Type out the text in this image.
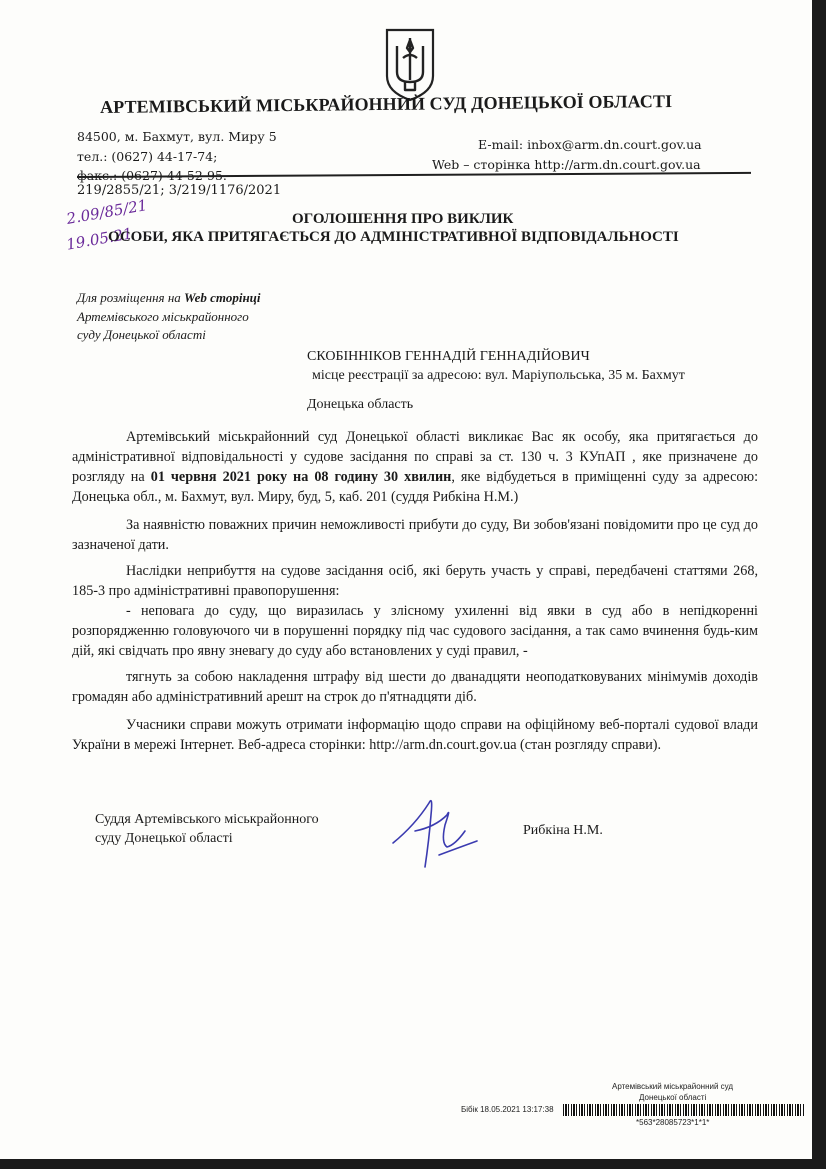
АРТЕМІВСЬКИЙ МІСЬКРАЙОННИЙ СУД ДОНЕЦЬКОЇ ОБЛАСТІ
84500, м. Бахмут, вул. Миру 5
тел.: (0627) 44-17-74;
E-mail: inbox@arm.dn.court.gov.ua
Web – сторінка http://arm.dn.court.gov.ua
219/2855/21; 3/219/1176/2021
2.09/85/21
19.05.21
ОГОЛОШЕННЯ ПРО ВИКЛИК
ОСОБИ, ЯКА ПРИТЯГАЄТЬСЯ ДО АДМІНІСТРАТИВНОЇ ВІДПОВІДАЛЬНОСТІ
Для розміщення на Web сторінці
Артемівського міськрайонного
суду Донецької області
СКОБІННІКОВ ГЕННАДІЙ ГЕННАДІЙОВИЧ
місце реєстрації за адресою: вул. Маріупольська, 35 м. Бахмут
Донецька область

Артемівський міськрайонний суд Донецької області викликає Вас як особу, яка притягається до адміністративної відповідальності у судове засідання по справі за ст. 130 ч. 3 КУпАП , яке призначене до розгляду на 01 червня 2021 року на 08 годину 30 хвилин, яке відбудеться в приміщенні суду за адресою: Донецька обл., м. Бахмут, вул. Миру, буд, 5, каб. 201 (суддя Рибкіна Н.М.)

За наявністю поважних причин неможливості прибути до суду, Ви зобов'язані повідомити про це суд до зазначеної дати.

Наслідки неприбуття на судове засідання осіб, які беруть участь у справі, передбачені статтями 268, 185-3 про адміністративні правопорушення:

- неповага до суду, що виразилась у злісному ухиленні від явки в суд або в непідкоренні розпорядженню головуючого чи в порушенні порядку під час судового засідання, а так само вчинення будь-ким дій, які свідчать про явну зневагу до суду або встановлених у суді правил, -

тягнуть за собою накладення штрафу від шести до дванадцяти неоподатковуваних мінімумів доходів громадян або адміністративний арешт на строк до п'ятнадцяти діб.

Учасники справи можуть отримати інформацію щодо справи на офіційному веб-порталі судової влади України в мережі Інтернет. Веб-адреса сторінки: http://arm.dn.court.gov.ua (стан розгляду справи).

Суддя Артемівського міськрайонного
суду Донецької області
Рибкіна Н.М.
Артемівський міськрайонний суд
Донецької області
Бібік 18.05.2021 13:17:38
*563*28085723*1*1*
